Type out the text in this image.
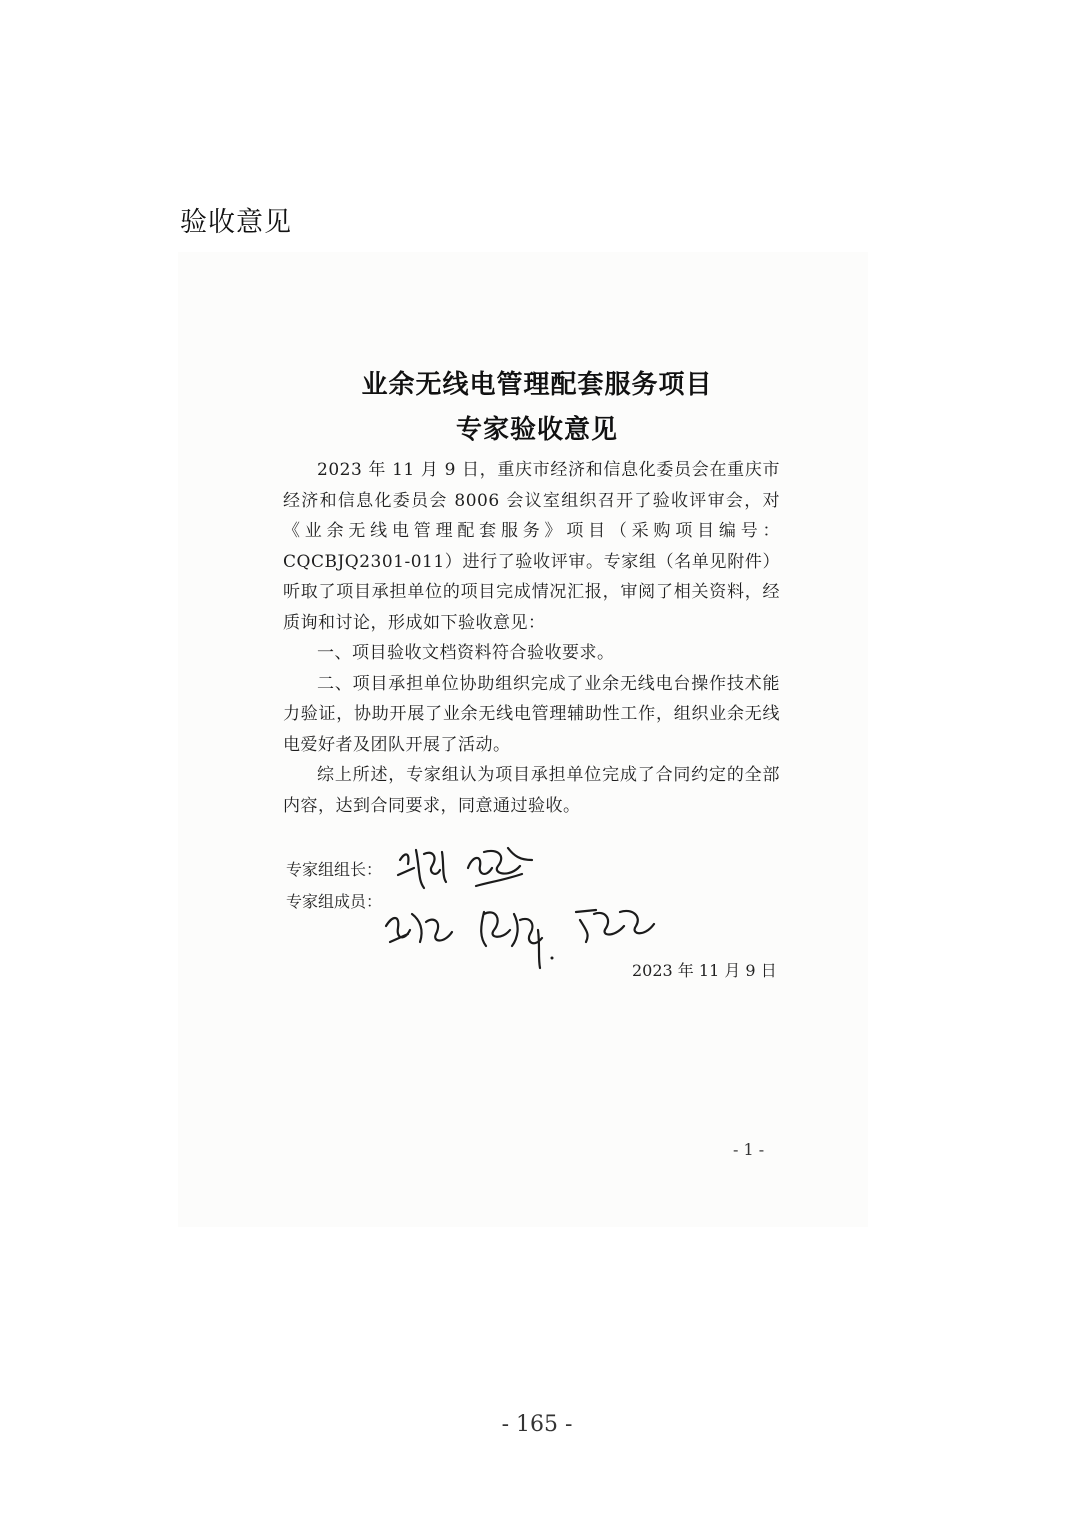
验收意见
业余无线电管理配套服务项目
专家验收意见

2023 年 11 月 9 日，重庆市经济和信息化委员会在重庆市经济和信息化委员会 8006 会议室组织召开了验收评审会，对《业余无线电管理配套服务》项目（采购项目编号：CQCBJQ2301-011）进行了验收评审。专家组（名单见附件）听取了项目承担单位的项目完成情况汇报，审阅了相关资料，经质询和讨论，形成如下验收意见：

一、项目验收文档资料符合验收要求。

二、项目承担单位协助组织完成了业余无线电台操作技术能力验证，协助开展了业余无线电管理辅助性工作，组织业余无线电爱好者及团队开展了活动。

综上所述，专家组认为项目承担单位完成了合同约定的全部内容，达到合同要求，同意通过验收。

专家组组长：
专家组成员：
2023 年 11 月 9 日
- 1 -
- 165 -
